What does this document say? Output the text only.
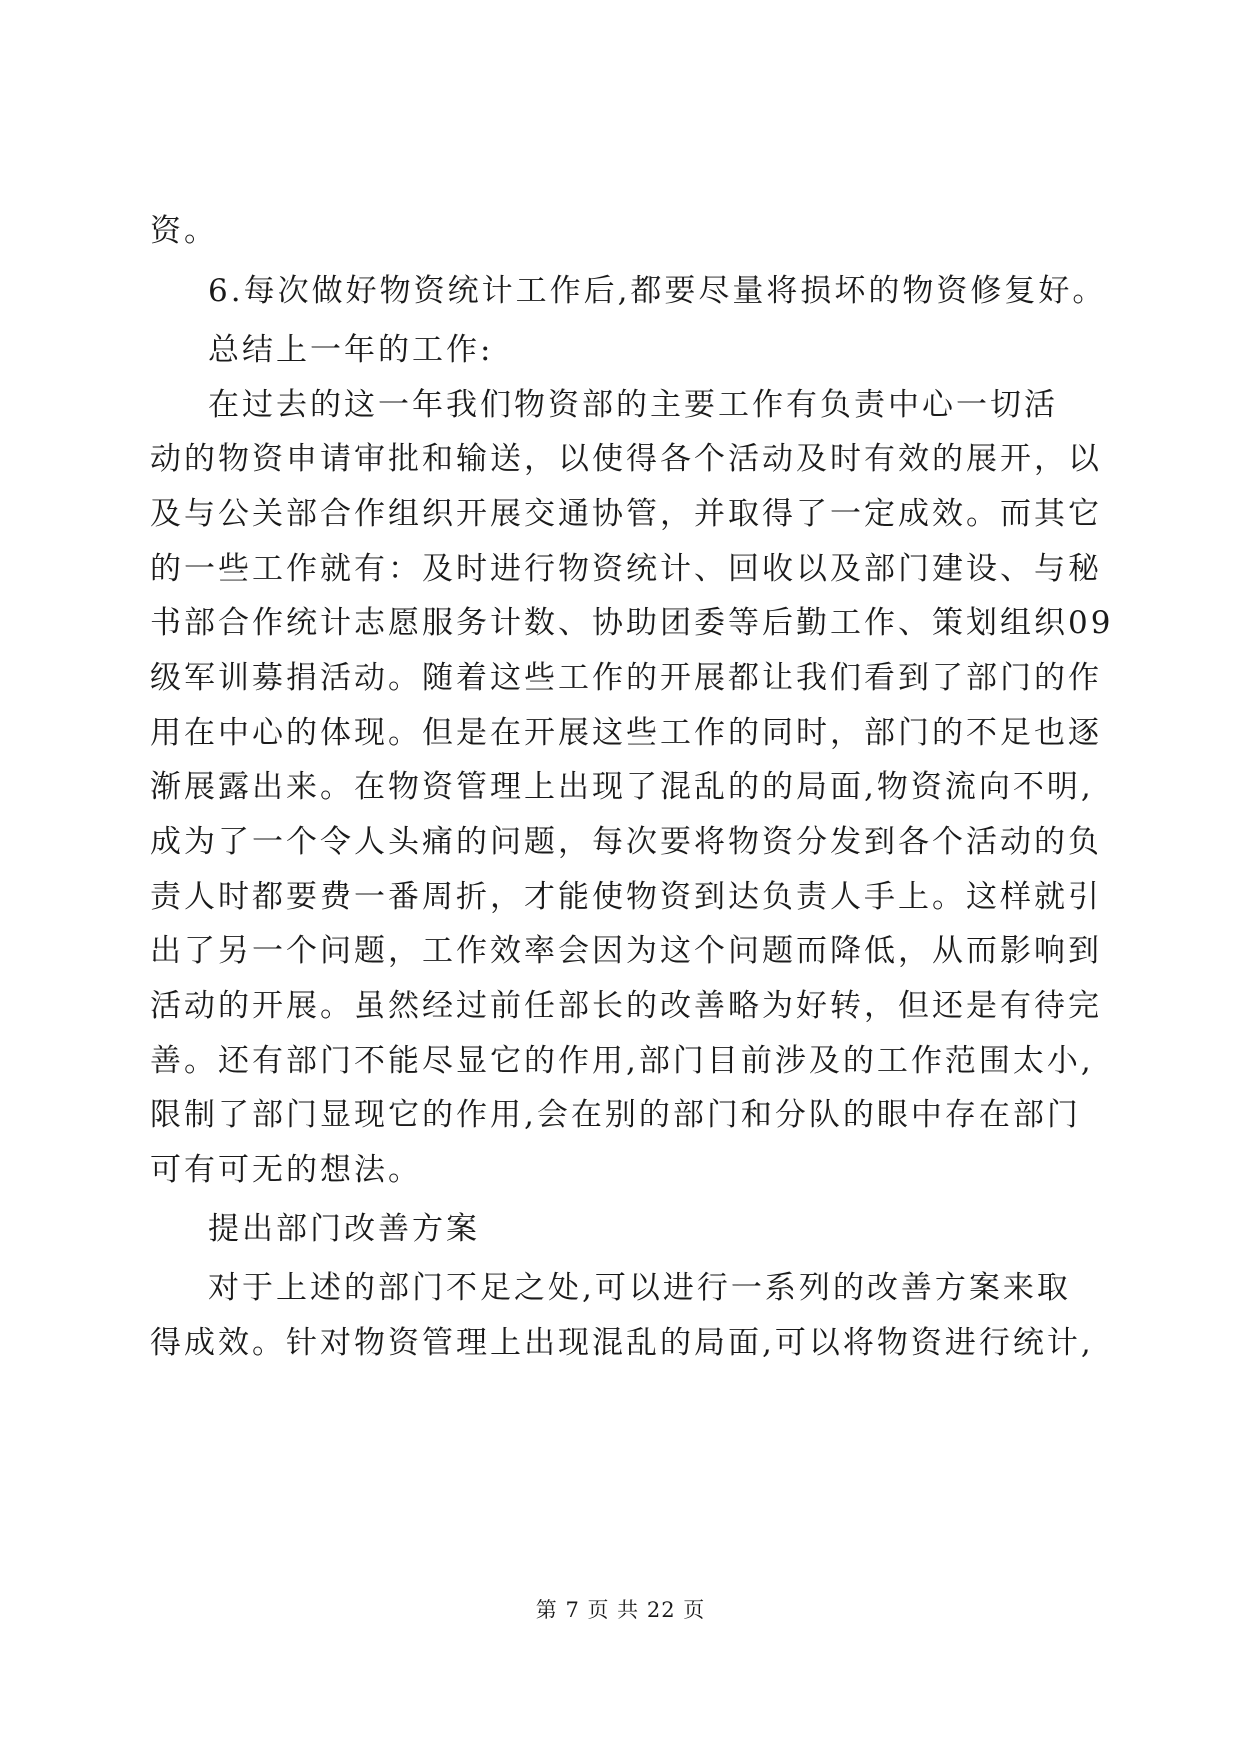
资。
6.每次做好物资统计工作后,都要尽量将损坏的物资修复好。
总结上一年的工作:
在过去的这一年我们物资部的主要工作有负责中心一切活
动的物资申请审批和输送，以使得各个活动及时有效的展开，以
及与公关部合作组织开展交通协管，并取得了一定成效。而其它
的一些工作就有：及时进行物资统计、回收以及部门建设、与秘
书部合作统计志愿服务计数、协助团委等后勤工作、策划组织09
级军训募捐活动。随着这些工作的开展都让我们看到了部门的作
用在中心的体现。但是在开展这些工作的同时，部门的不足也逐
渐展露出来。在物资管理上出现了混乱的的局面,物资流向不明,
成为了一个令人头痛的问题，每次要将物资分发到各个活动的负
责人时都要费一番周折，才能使物资到达负责人手上。这样就引
出了另一个问题，工作效率会因为这个问题而降低，从而影响到
活动的开展。虽然经过前任部长的改善略为好转，但还是有待完
善。还有部门不能尽显它的作用,部门目前涉及的工作范围太小,
限制了部门显现它的作用,会在别的部门和分队的眼中存在部门
可有可无的想法。
提出部门改善方案
对于上述的部门不足之处,可以进行一系列的改善方案来取
得成效。针对物资管理上出现混乱的局面,可以将物资进行统计,
第 7 页 共 22 页
